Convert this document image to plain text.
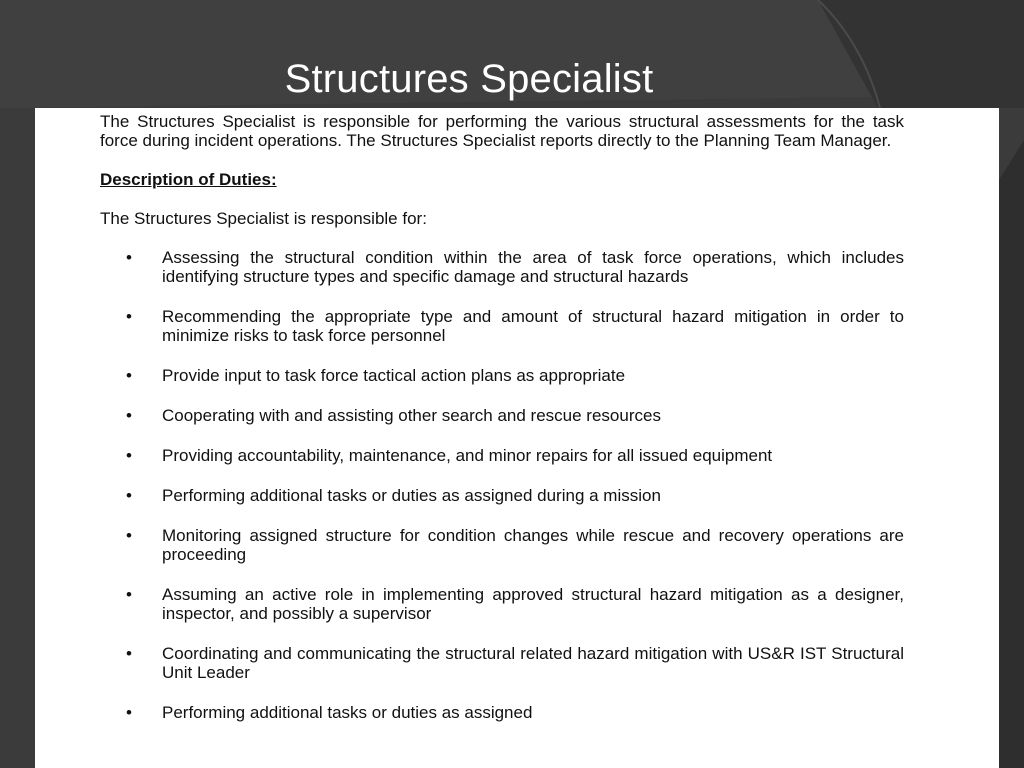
Structures Specialist

The Structures Specialist is responsible for performing the various structural assessments for the task force during incident operations. The Structures Specialist reports directly to the Planning Team Manager.

Description of Duties:

The Structures Specialist is responsible for:

• Assessing the structural condition within the area of task force operations, which includes identifying structure types and specific damage and structural hazards
• Recommending the appropriate type and amount of structural hazard mitigation in order to minimize risks to task force personnel
• Provide input to task force tactical action plans as appropriate
• Cooperating with and assisting other search and rescue resources
• Providing accountability, maintenance, and minor repairs for all issued equipment
• Performing additional tasks or duties as assigned during a mission
• Monitoring assigned structure for condition changes while rescue and recovery operations are proceeding
• Assuming an active role in implementing approved structural hazard mitigation as a designer, inspector, and possibly a supervisor
• Coordinating and communicating the structural related hazard mitigation with US&R IST Structural Unit Leader
• Performing additional tasks or duties as assigned
